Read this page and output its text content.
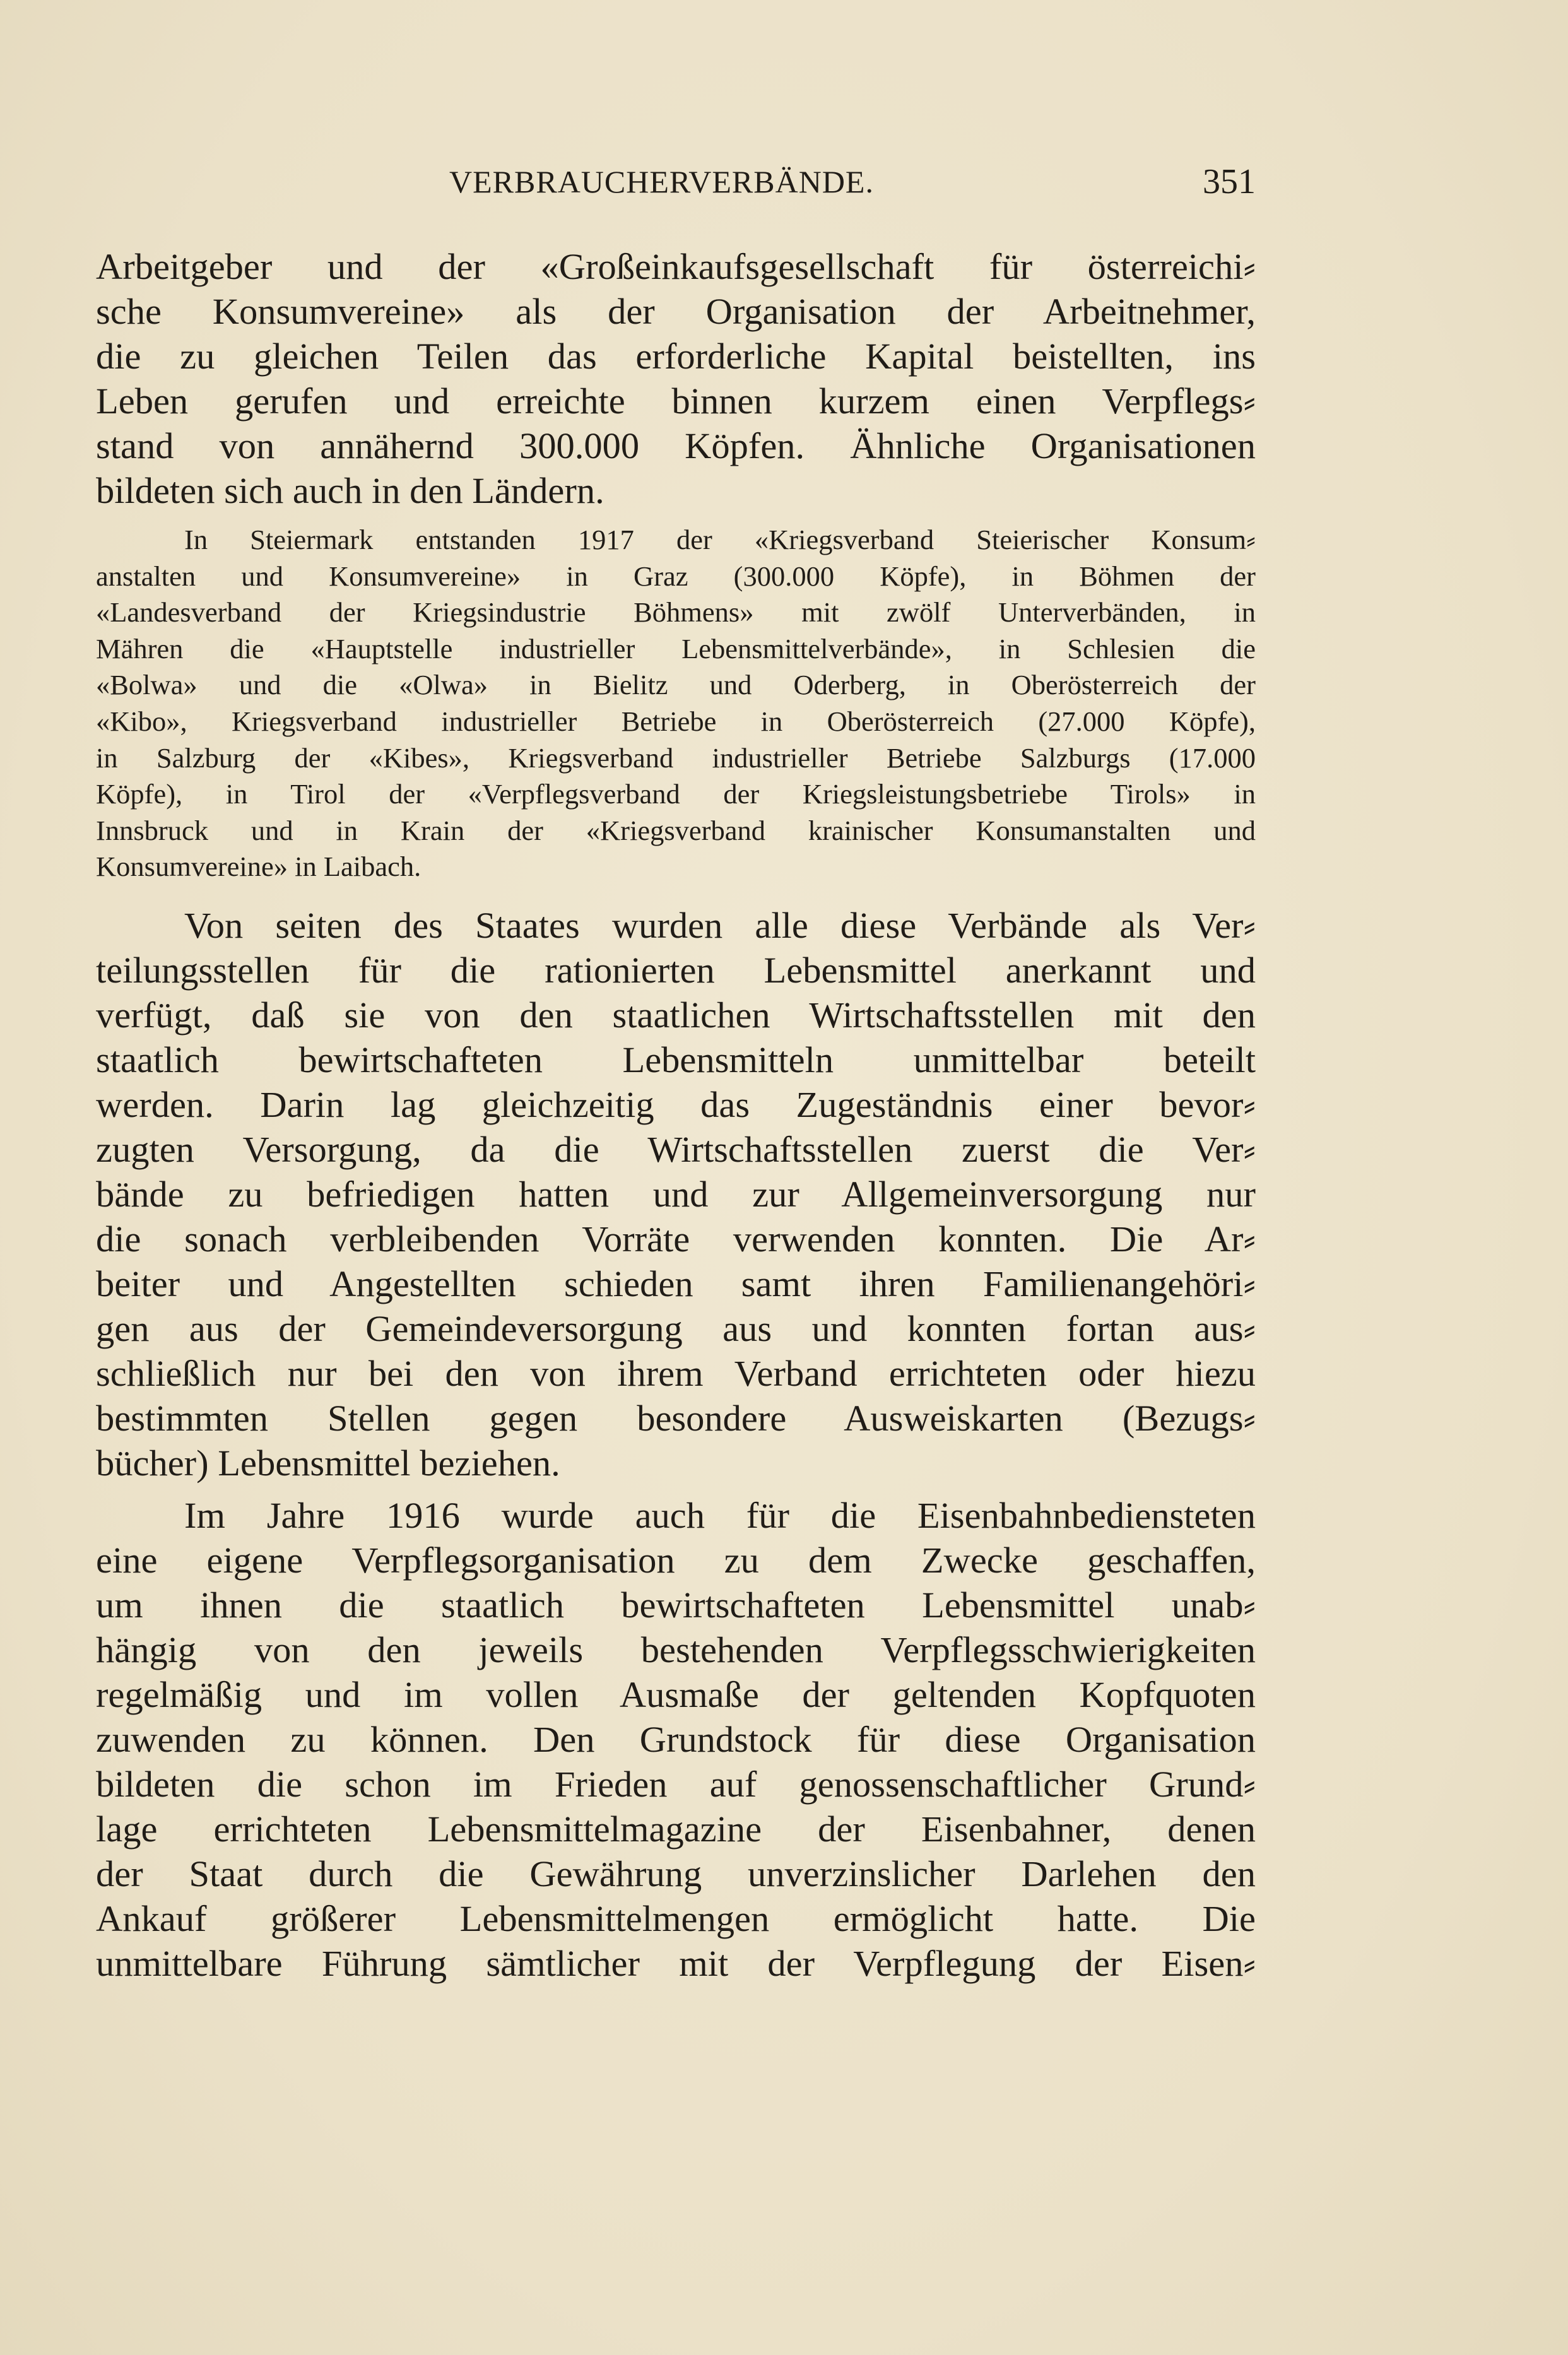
VERBRAUCHERVERBÄNDE.	351
Arbeitgeber und der «Großeinkaufsgesellschaft für österreichi⸗
sche Konsumvereine» als der Organisation der Arbeitnehmer,
die zu gleichen Teilen das erforderliche Kapital beistellten, ins
Leben gerufen und erreichte binnen kurzem einen Verpflegs⸗
stand von annähernd 300.000 Köpfen. Ähnliche Organisationen
bildeten sich auch in den Ländern.
In Steiermark entstanden 1917 der «Kriegsverband Steierischer Konsum⸗
anstalten und Konsumvereine» in Graz (300.000 Köpfe), in Böhmen der
«Landesverband der Kriegsindustrie Böhmens» mit zwölf Unterverbänden, in
Mähren die «Hauptstelle industrieller Lebensmittelverbände», in Schlesien die
«Bolwa» und die «Olwa» in Bielitz und Oderberg, in Oberösterreich der
«Kibo», Kriegsverband industrieller Betriebe in Oberösterreich (27.000 Köpfe),
in Salzburg der «Kibes», Kriegsverband industrieller Betriebe Salzburgs (17.000
Köpfe), in Tirol der «Verpflegsverband der Kriegsleistungsbetriebe Tirols» in
Innsbruck und in Krain der «Kriegsverband krainischer Konsumanstalten und
Konsumvereine» in Laibach.
Von seiten des Staates wurden alle diese Verbände als Ver⸗
teilungsstellen für die rationierten Lebensmittel anerkannt und
verfügt, daß sie von den staatlichen Wirtschaftsstellen mit den
staatlich bewirtschafteten Lebensmitteln unmittelbar beteilt
werden. Darin lag gleichzeitig das Zugeständnis einer bevor⸗
zugten Versorgung, da die Wirtschaftsstellen zuerst die Ver⸗
bände zu befriedigen hatten und zur Allgemeinversorgung nur
die sonach verbleibenden Vorräte verwenden konnten. Die Ar⸗
beiter und Angestellten schieden samt ihren Familienangehöri⸗
gen aus der Gemeindeversorgung aus und konnten fortan aus⸗
schließlich nur bei den von ihrem Verband errichteten oder hiezu
bestimmten Stellen gegen besondere Ausweiskarten (Bezugs⸗
bücher) Lebensmittel beziehen.
Im Jahre 1916 wurde auch für die Eisenbahnbediensteten
eine eigene Verpflegsorganisation zu dem Zwecke geschaffen,
um ihnen die staatlich bewirtschafteten Lebensmittel unab⸗
hängig von den jeweils bestehenden Verpflegsschwierigkeiten
regelmäßig und im vollen Ausmaße der geltenden Kopfquoten
zuwenden zu können. Den Grundstock für diese Organisation
bildeten die schon im Frieden auf genossenschaftlicher Grund⸗
lage errichteten Lebensmittelmagazine der Eisenbahner, denen
der Staat durch die Gewährung unverzinslicher Darlehen den
Ankauf größerer Lebensmittelmengen ermöglicht hatte. Die
unmittelbare Führung sämtlicher mit der Verpflegung der Eisen⸗
